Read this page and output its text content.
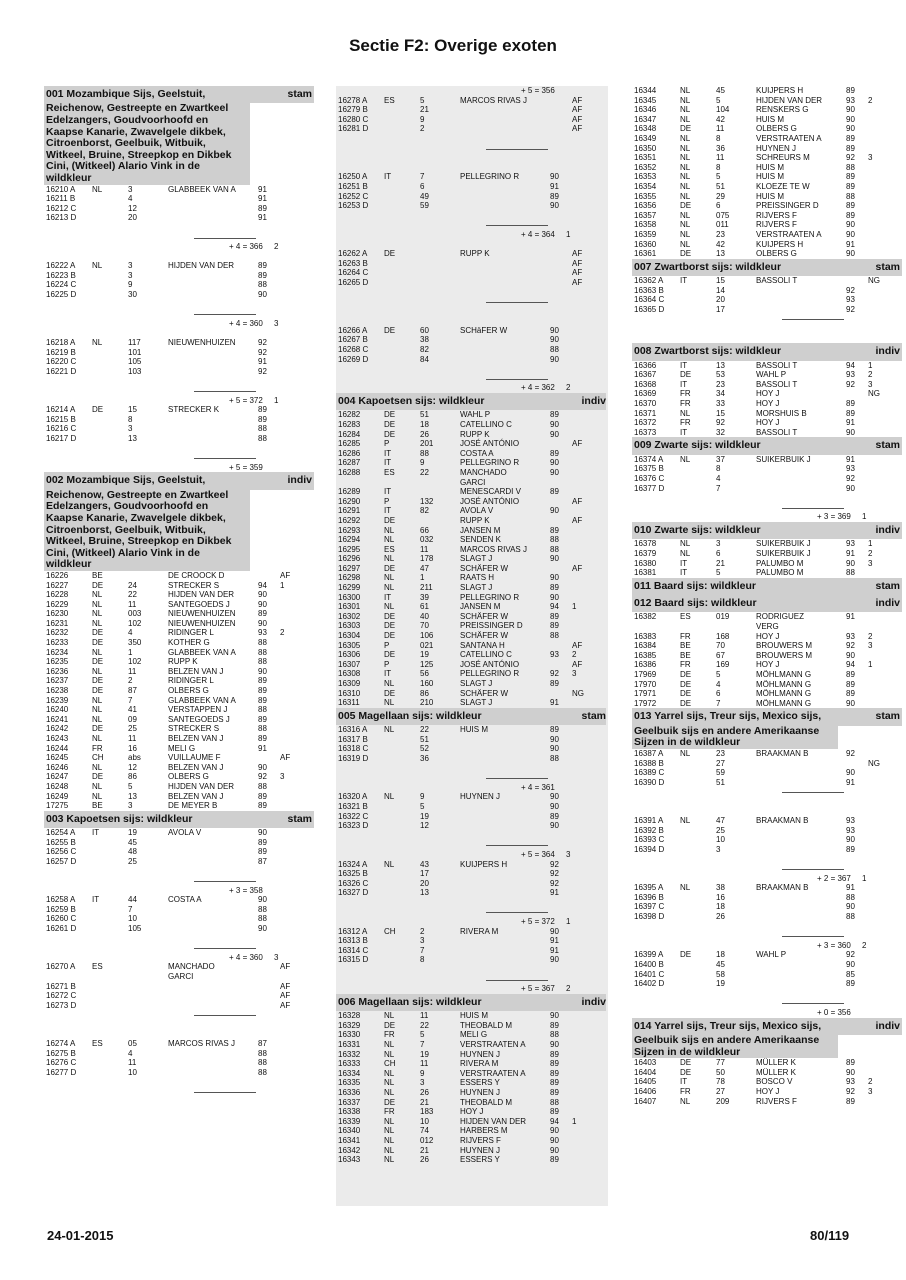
Sectie F2: Overige exoten
001 Mozambique Sijs, Geelstuit,	stam
Reichenow, Gestreepte en Zwartkeel
Edelzangers, Goudvoorhoofd en
Kaapse Kanarie, Zwavelgele dikbek,
Citroenborst, Geelbuik, Witbuik,
Witkeel, Bruine, Streepkop en Dikbek
Cini, (Witkeel) Alario Vink in de
wildkleur
16210 A NL	3	GLABBEEK VAN A	91
16211 B	4	91
16212 C	12	89
16213 D	20	91
+ 4 = 366 2
16222 A NL	3	HIJDEN VAN DER	89
16223 B	3	89
16224 C	9	88
16225 D	30	90
+ 4 = 360 3
16218 A NL	117	NIEUWENHUIZEN	92
16219 B	101	92
16220 C	105	91
16221 D	103	92
+ 5 = 372 1
16214 A DE	15	STRECKER K	89
16215 B	8	89
16216 C	3	88
16217 D	13	88
+ 5 = 359
002 Mozambique Sijs, Geelstuit,	indiv
Reichenow, Gestreepte en Zwartkeel
Edelzangers, Goudvoorhoofd en
Kaapse Kanarie, Zwavelgele dikbek,
Citroenborst, Geelbuik, Witbuik,
Witkeel, Bruine, Streepkop en Dikbek
Cini, (Witkeel) Alario Vink in de
wildkleur
16226	BE	DE CROOCK D	AF
16227	DE	24	STRECKER S	94 1
16228	NL	22	HIJDEN VAN DER	90
16229	NL	11	SANTEGOEDS J	90
16230	NL	003	NIEUWENHUIZEN	89
16231	NL	102	NIEUWENHUIZEN	90
16232	DE	4	RIDINGER L	93 2
16233	DE	350	KOTHER G	88
16234	NL	1	GLABBEEK VAN A	88
16235	DE	102	RUPP K	88
16236	NL	11	BELZEN VAN J	90
16237	DE	2	RIDINGER L	89
16238	DE	87	OLBERS G	89
16239	NL	7	GLABBEEK VAN A	89
16240	NL	41	VERSTAPPEN J	88
16241	NL	09	SANTEGOEDS J	89
16242	DE	25	STRECKER S	88
16243	NL	11	BELZEN VAN J	89
16244	FR	16	MELI G	91
16245	CH	abs	VUILLAUME F	AF
16246	NL	12	BELZEN VAN J	90
16247	DE	86	OLBERS G	92 3
16248	NL	5	HIJDEN VAN DER	88
16249	NL	13	BELZEN VAN J	89
17275	BE	3	DE MEYER B	89
003 Kapoetsen sijs: wildkleur	stam
16254 A IT	19	AVOLA V	90
16255 B	45	89
16256 C	48	89
16257 D	25	87
+ 3 = 358
16258 A IT	44	COSTA A	90
16259 B	7	88
16260 C	10	88
16261 D	105	90
+ 4 = 360 3
16270 A ES	MANCHADO	AF
GARCI
16271 B	AF
16272 C	AF
16273 D	AF
16274 A ES	05	MARCOS RIVAS J	87
16275 B	4	88
16276 C	11	88
16277 D	10	88
+ 5 = 356
16278 A ES	5	MARCOS RIVAS J	AF
16279 B	21	AF
16280 C	9	AF
16281 D	2	AF
16250 A IT	7	PELLEGRINO R	90
16251 B	6	91
16252 C	49	89
16253 D	59	90
+ 4 = 364 1
16262 A DE	RUPP K	AF
16263 B	AF
16264 C	AF
16265 D	AF
16266 A DE	60	SCHäFER W	90
16267 B	38	90
16268 C	82	88
16269 D	84	90
+ 4 = 362 2
004 Kapoetsen sijs: wildkleur	indiv
16282	DE	51	WAHL P	89
16283	DE	18	CATELLINO C	90
16284	DE	26	RUPP K	90
16285	P	201	JOSÉ ANTÓNIO	AF
16286	IT	88	COSTA A	89
16287	IT	9	PELLEGRINO R	90
16288	ES	22	MANCHADO	90
GARCI
16289	IT	MENESCARDI V	89
16290	P	132	JOSÉ ANTÓNIO	AF
16291	IT	82	AVOLA V	90
16292	DE	RUPP K	AF
16293	NL	66	JANSEN M	89
16294	NL	032	SENDEN K	88
16295	ES	11	MARCOS RIVAS J	88
16296	NL	178	SLAGT J	90
16297	DE	47	SCHÄFER W	AF
16298	NL	1	RAATS H	90
16299	NL	211	SLAGT J	89
16300	IT	39	PELLEGRINO R	90
16301	NL	61	JANSEN M	94 1
16302	DE	40	SCHÄFER W	89
16303	DE	70	PREISSINGER D	89
16304	DE	106	SCHÄFER W	88
16305	P	021	SANTANA H	AF
16306	DE	19	CATELLINO C	93 2
16307	P	125	JOSÉ ANTÓNIO	AF
16308	IT	56	PELLEGRINO R	92 3
16309	NL	160	SLAGT J	89
16310	DE	86	SCHÄFER W	NG
16311	NL	210	SLAGT J	91
005 Magellaan sijs: wildkleur	stam
16316 A NL	22	HUIS M	89
16317 B	51	90
16318 C	52	90
16319 D	36	88
+ 4 = 361
16320 A NL	9	HUYNEN J	90
16321 B	5	90
16322 C	19	89
16323 D	12	90
+ 5 = 364 3
16324 A NL	43	KUIJPERS H	92
16325 B	17	92
16326 C	20	92
16327 D	13	91
+ 5 = 372 1
16312 A CH	2	RIVERA M	90
16313 B	3	91
16314 C	7	91
16315 D	8	90
+ 5 = 367 2
006 Magellaan sijs: wildkleur	indiv
16328	NL	11	HUIS M	90
16329	DE	22	THEOBALD M	89
16330	FR	5	MELI G	88
16331	NL	7	VERSTRAATEN A	90
16332	NL	19	HUYNEN J	89
16333	CH	11	RIVERA M	89
16334	NL	9	VERSTRAATEN A	89
16335	NL	3	ESSERS Y	89
16336	NL	26	HUYNEN J	89
16337	DE	21	THEOBALD M	88
16338	FR	183	HOY J	89
16339	NL	10	HIJDEN VAN DER	94 1
16340	NL	74	HARBERS M	90
16341	NL	012	RIJVERS F	90
16342	NL	21	HUYNEN J	90
16343	NL	26	ESSERS Y	89
16344	NL	45	KUIJPERS H	89
16345	NL	5	HIJDEN VAN DER	93 2
16346	NL	104	RENSKERS G	90
16347	NL	42	HUIS M	90
16348	DE	11	OLBERS G	90
16349	NL	8	VERSTRAATEN A	89
16350	NL	36	HUYNEN J	89
16351	NL	11	SCHREURS M	92 3
16352	NL	8	HUIS M	88
16353	NL	5	HUIS M	89
16354	NL	51	KLOEZE TE W	89
16355	NL	29	HUIS M	88
16356	DE	6	PREISSINGER D	89
16357	NL	075	RIJVERS F	89
16358	NL	011	RIJVERS F	90
16359	NL	23	VERSTRAATEN A	90
16360	NL	42	KUIJPERS H	91
16361	DE	13	OLBERS G	90
007 Zwartborst sijs: wildkleur	stam
16362 A IT	15	BASSOLI T	NG
16363 B	14	92
16364 C	20	93
16365 D	17	92
008 Zwartborst sijs: wildkleur	indiv
16366	IT	13	BASSOLI T	94 1
16367	DE	53	WAHL P	93 2
16368	IT	23	BASSOLI T	92 3
16369	FR	34	HOY J	NG
16370	FR	33	HOY J	89
16371	NL	15	MORSHUIS B	89
16372	FR	92	HOY J	91
16373	IT	32	BASSOLI T	90
009 Zwarte sijs: wildkleur	stam
16374 A NL	37	SUIKERBUIK J	91
16375 B	8	93
16376 C	4	92
16377 D	7	90
+ 3 = 369 1
010 Zwarte sijs: wildkleur	indiv
16378	NL	3	SUIKERBUIK J	93 1
16379	NL	6	SUIKERBUIK J	91 2
16380	IT	21	PALUMBO M	90 3
16381	IT	5	PALUMBO M	88
011 Baard sijs: wildkleur	stam
012 Baard sijs: wildkleur	indiv
16382	ES	019	RODRIGUEZ	91
VERG
16383	FR	168	HOY J	93 2
16384	BE	70	BROUWERS M	92 3
16385	BE	67	BROUWERS M	90
16386	FR	169	HOY J	94 1
17969	DE	5	MÖHLMANN G	89
17970	DE	4	MÖHLMANN G	89
17971	DE	6	MÖHLMANN G	89
17972	DE	7	MÖHLMANN G	90
013 Yarrel sijs, Treur sijs, Mexico sijs,	stam
Geelbuik sijs en andere Amerikaanse
Sijzen in de wildkleur
16387 A NL	23	BRAAKMAN B	92
16388 B	27	NG
16389 C	59	90
16390 D	51	91
16391 A NL	47	BRAAKMAN B	93
16392 B	25	93
16393 C	10	90
16394 D	3	89
+ 2 = 367 1
16395 A NL	38	BRAAKMAN B	91
16396 B	16	88
16397 C	18	90
16398 D	26	88
+ 3 = 360 2
16399 A DE	18	WAHL P	92
16400 B	45	90
16401 C	58	85
16402 D	19	89
+ 0 = 356
014 Yarrel sijs, Treur sijs, Mexico sijs,	indiv
Geelbuik sijs en andere Amerikaanse
Sijzen in de wildkleur
16403	DE	77	MÜLLER K	89
16404	DE	50	MÜLLER K	90
16405	IT	78	BOSCO V	93 2
16406	FR	27	HOY J	92 3
16407	NL	209	RIJVERS F	89
24-01-2015	80/119
